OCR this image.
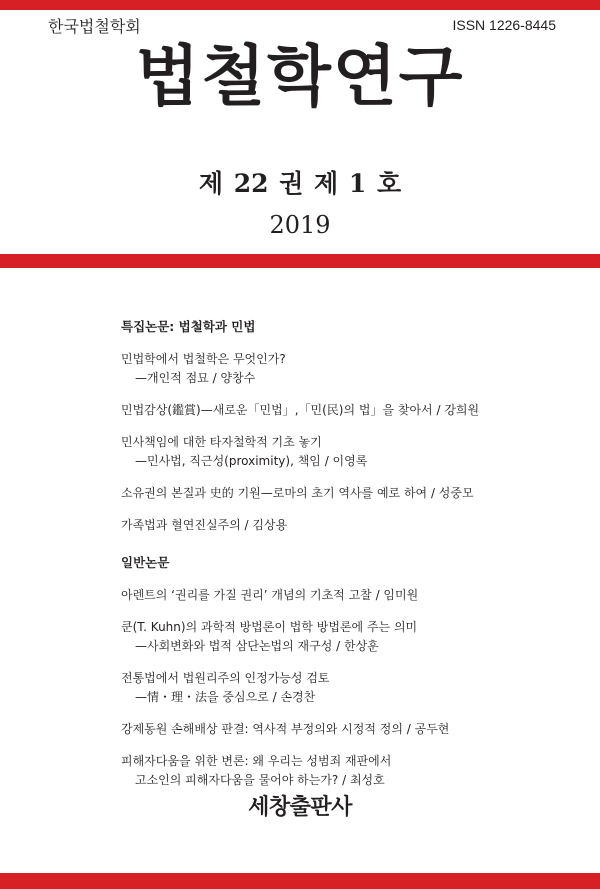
한국법철학회	ISSN 1226-8445
법철학연구
제 22 권 제 1 호
2019
특집논문: 법철학과 민법
민법학에서 법철학은 무엇인가?
—개인적 점묘 / 양창수
민법감상(鑑賞)—새로운「민법」,「민(民)의 법」을 찾아서 / 강희원
민사책임에 대한 타자철학적 기초 놓기
—민사법, 직근성(proximity), 책임 / 이영록
소유권의 본질과 史的 기원—로마의 초기 역사를 예로 하여 / 성중모
가족법과 혈연진실주의 / 김상용
일반논문
아렌트의 ‘권리를 가질 권리’ 개념의 기초적 고찰 / 임미원
쿤(T. Kuhn)의 과학적 방법론이 법학 방법론에 주는 의미
—사회변화와 법적 삼단논법의 재구성 / 한상훈
전통법에서 법원리주의 인정가능성 검토
—情・理・法을 중심으로 / 손경찬
강제동원 손해배상 판결: 역사적 부정의와 시정적 정의 / 공두현
피해자다움을 위한 변론: 왜 우리는 성범죄 재판에서
고소인의 피해자다움을 물어야 하는가? / 최성호
세창출판사
